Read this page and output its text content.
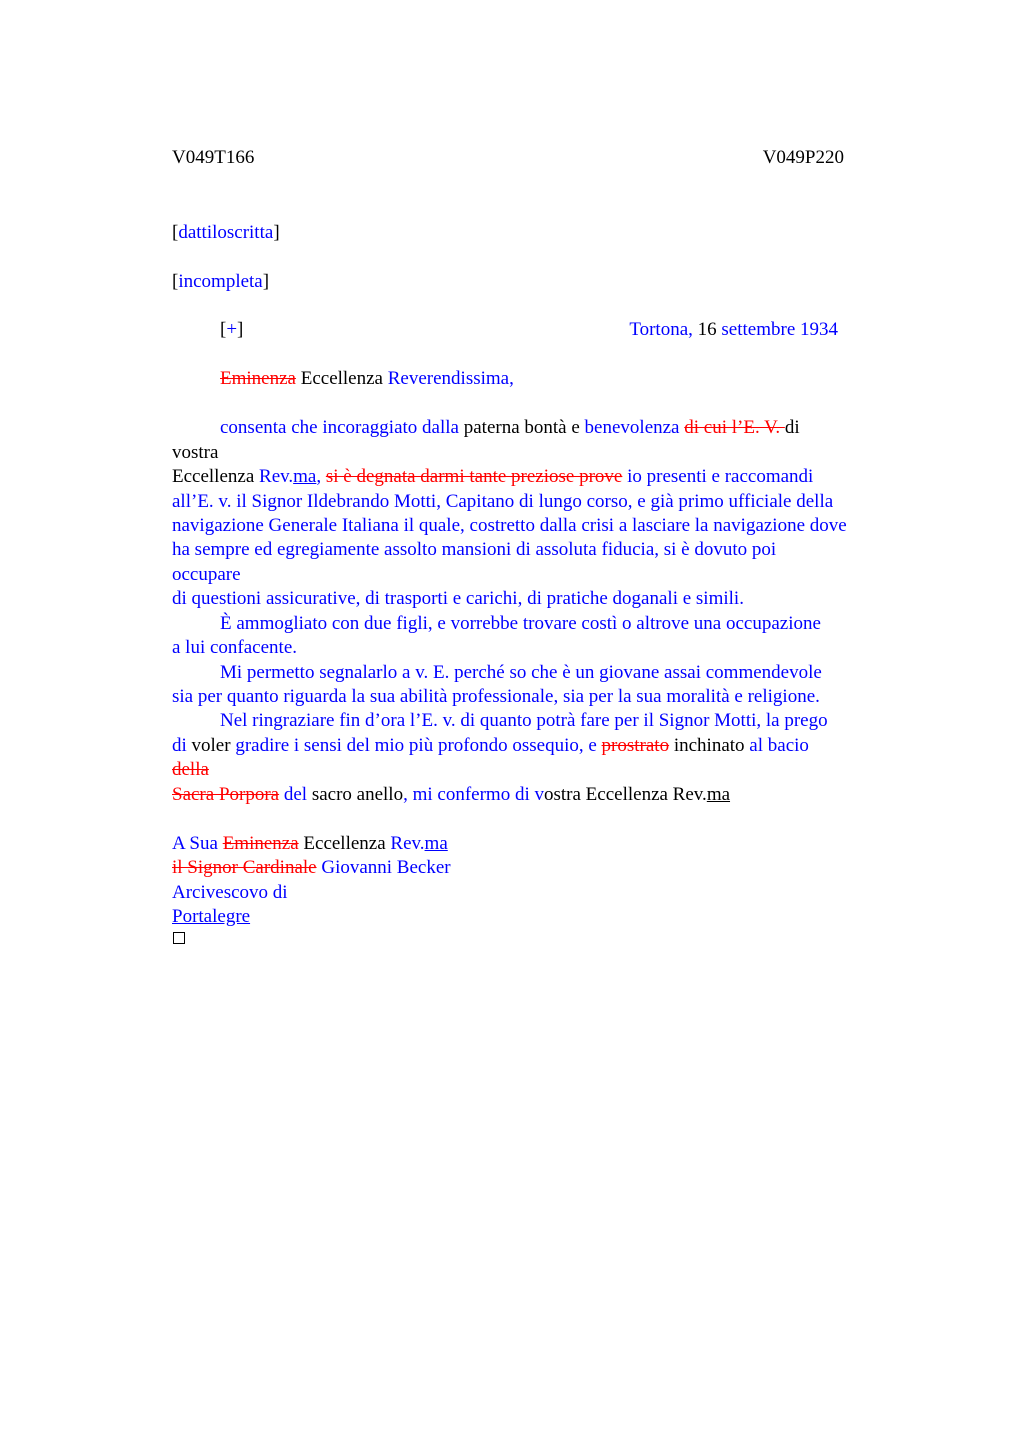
V049T166	V049P220
[dattiloscritta]
[incompleta]
[+]	Tortona, 16 settembre 1934
Eminenza Eccellenza Reverendissima,
consenta che incoraggiato dalla paterna bontà e benevolenza di cui l’E. V. di
vostra
Eccellenza Rev.ma, si è degnata darmi tante preziose prove io presenti e raccomandi
all’E. v. il Signor Ildebrando Motti, Capitano di lungo corso, e già primo ufficiale della
navigazione Generale Italiana il quale, costretto dalla crisi a lasciare la navigazione dove
ha sempre ed egregiamente assolto mansioni di assoluta fiducia, si è dovuto poi
occupare
di questioni assicurative, di trasporti e carichi, di pratiche doganali e simili.
È ammogliato con due figli, e vorrebbe trovare costì o altrove una occupazione
a lui confacente.
Mi permetto segnalarlo a v. E. perché so che è un giovane assai commendevole
sia per quanto riguarda la sua abilità professionale, sia per la sua moralità e religione.
Nel ringraziare fin d’ora l’E. v. di quanto potrà fare per il Signor Motti, la prego
di voler gradire i sensi del mio più profondo ossequio, e prostrato inchinato al bacio
della
Sacra Porpora del sacro anello, mi confermo di vostra Eccellenza Rev.ma
A Sua Eminenza Eccellenza Rev.ma
il Signor Cardinale Giovanni Becker
Arcivescovo di
Portalegre
